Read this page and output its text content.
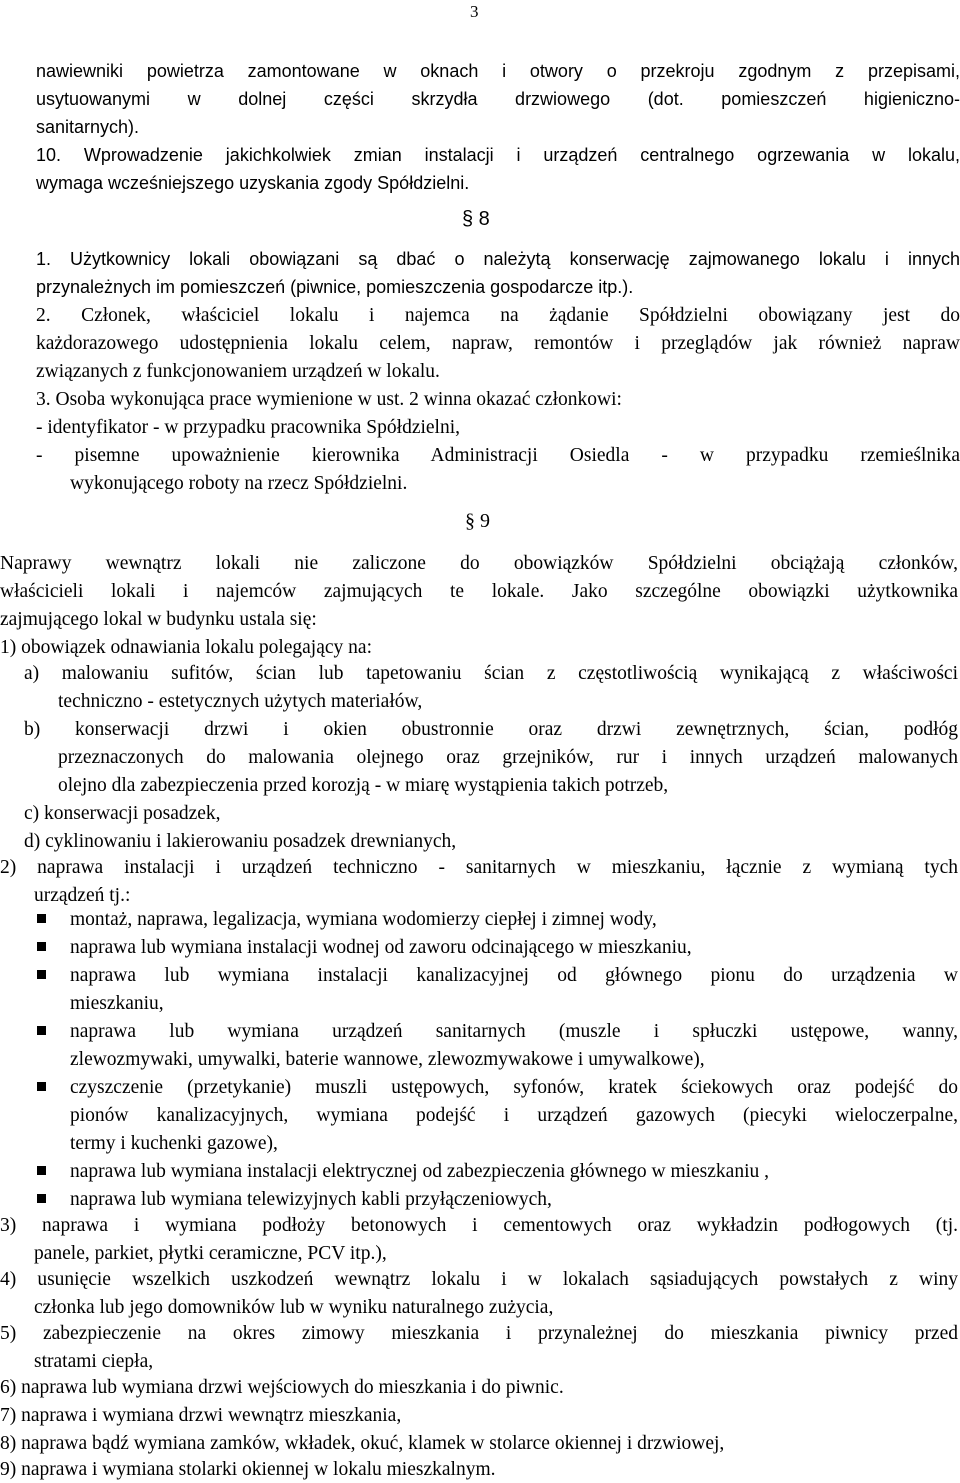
3
nawiewniki powietrza zamontowane w oknach i otwory o przekroju zgodnym z przepisami,
usytuowanymi w dolnej części skrzydła drzwiowego (dot. pomieszczeń higieniczno-
sanitarnych).
10. Wprowadzenie jakichkolwiek zmian instalacji i urządzeń centralnego ogrzewania w lokalu,
wymaga wcześniejszego uzyskania zgody Spółdzielni.
§ 8
1. Użytkownicy lokali obowiązani są dbać o należytą konserwację zajmowanego lokalu i innych
przynależnych im pomieszczeń (piwnice, pomieszczenia gospodarcze itp.).
2. Członek, właściciel lokalu i najemca na żądanie Spółdzielni obowiązany jest do
każdorazowego udostępnienia lokalu celem, napraw, remontów i przeglądów jak również napraw
związanych z funkcjonowaniem urządzeń w lokalu.
3. Osoba wykonująca prace wymienione w ust. 2 winna okazać członkowi:
- identyfikator - w przypadku pracownika Spółdzielni,
- pisemne upoważnienie kierownika Administracji Osiedla - w przypadku rzemieślnika
wykonującego roboty na rzecz Spółdzielni.
§ 9
Naprawy wewnątrz lokali nie zaliczone do obowiązków Spółdzielni obciążają członków,
właścicieli lokali i najemców zajmujących te lokale. Jako szczególne obowiązki użytkownika
zajmującego lokal w budynku ustala się:
1) obowiązek odnawiania lokalu polegający na:
a) malowaniu sufitów, ścian lub tapetowaniu ścian z częstotliwością wynikającą z właściwości
techniczno - estetycznych użytych materiałów,
b) konserwacji drzwi i okien obustronnie oraz drzwi zewnętrznych, ścian, podłóg
przeznaczonych do malowania olejnego oraz grzejników, rur i innych urządzeń malowanych
olejno dla zabezpieczenia przed korozją - w miarę wystąpienia takich potrzeb,
c) konserwacji posadzek,
d) cyklinowaniu i lakierowaniu posadzek drewnianych,
2) naprawa instalacji i urządzeń techniczno - sanitarnych w mieszkaniu, łącznie z wymianą tych
urządzeń tj.:
montaż, naprawa, legalizacja, wymiana wodomierzy ciepłej i zimnej wody,
naprawa lub wymiana instalacji wodnej od zaworu odcinającego w mieszkaniu,
naprawa lub wymiana instalacji kanalizacyjnej od głównego pionu do urządzenia w
mieszkaniu,
naprawa lub wymiana urządzeń sanitarnych (muszle i spłuczki ustępowe, wanny,
zlewozmywaki, umywalki, baterie wannowe, zlewozmywakowe i umywalkowe),
czyszczenie (przetykanie) muszli ustępowych, syfonów, kratek ściekowych oraz podejść do
pionów kanalizacyjnych, wymiana podejść i urządzeń gazowych (piecyki wieloczerpalne,
termy i kuchenki gazowe),
naprawa lub wymiana instalacji elektrycznej od zabezpieczenia głównego w mieszkaniu ,
naprawa lub wymiana telewizyjnych kabli przyłączeniowych,
3) naprawa i wymiana podłoży betonowych i cementowych oraz wykładzin podłogowych (tj.
panele, parkiet, płytki ceramiczne, PCV itp.),
4) usunięcie wszelkich uszkodzeń wewnątrz lokalu i w lokalach sąsiadujących powstałych z winy
członka lub jego domowników lub w wyniku naturalnego zużycia,
5) zabezpieczenie na okres zimowy mieszkania i przynależnej do mieszkania piwnicy przed
stratami ciepła,
6) naprawa lub wymiana drzwi wejściowych do mieszkania i do piwnic.
7) naprawa i wymiana drzwi wewnątrz mieszkania,
8) naprawa bądź wymiana zamków, wkładek, okuć, klamek w stolarce okiennej i drzwiowej,
9) naprawa i wymiana stolarki okiennej w lokalu mieszkalnym.
